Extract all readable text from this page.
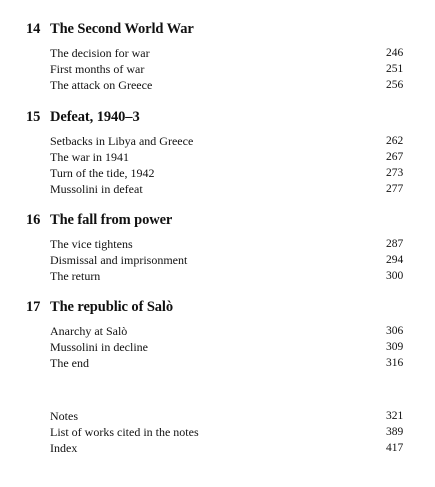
14 The Second World War
The decision for war	246
First months of war	251
The attack on Greece	256
15 Defeat, 1940–3
Setbacks in Libya and Greece	262
The war in 1941	267
Turn of the tide, 1942	273
Mussolini in defeat	277
16 The fall from power
The vice tightens	287
Dismissal and imprisonment	294
The return	300
17 The republic of Salò
Anarchy at Salò	306
Mussolini in decline	309
The end	316
Notes	321
List of works cited in the notes	389
Index	417
